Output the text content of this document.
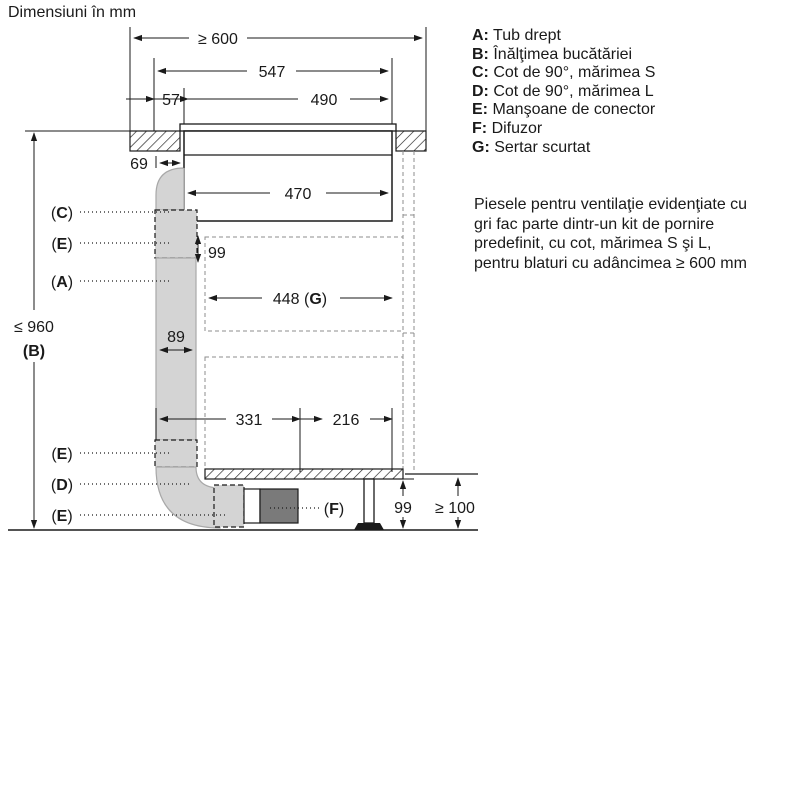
Dimensiuni în mm
A: Tub drept
B: Înălţimea bucătăriei
C: Cot de 90°, mărimea S
D: Cot de 90°, mărimea L
E: Manşoane de conector
F: Difuzor
G: Sertar scurtat
Piesele pentru ventilaţie evidenţiate cu
gri fac parte dintr-un kit de pornire
predefinit, cu cot, mărimea S şi L,
pentru blaturi cu adâncimea ≥ 600 mm
≥ 600
547
57	490
69
470
99
448 (G)
89
331	216
99 ≥ 100
≤ 960
(B)
(C)
(E)
(A)
(E)
(D)
(E)	(F)
